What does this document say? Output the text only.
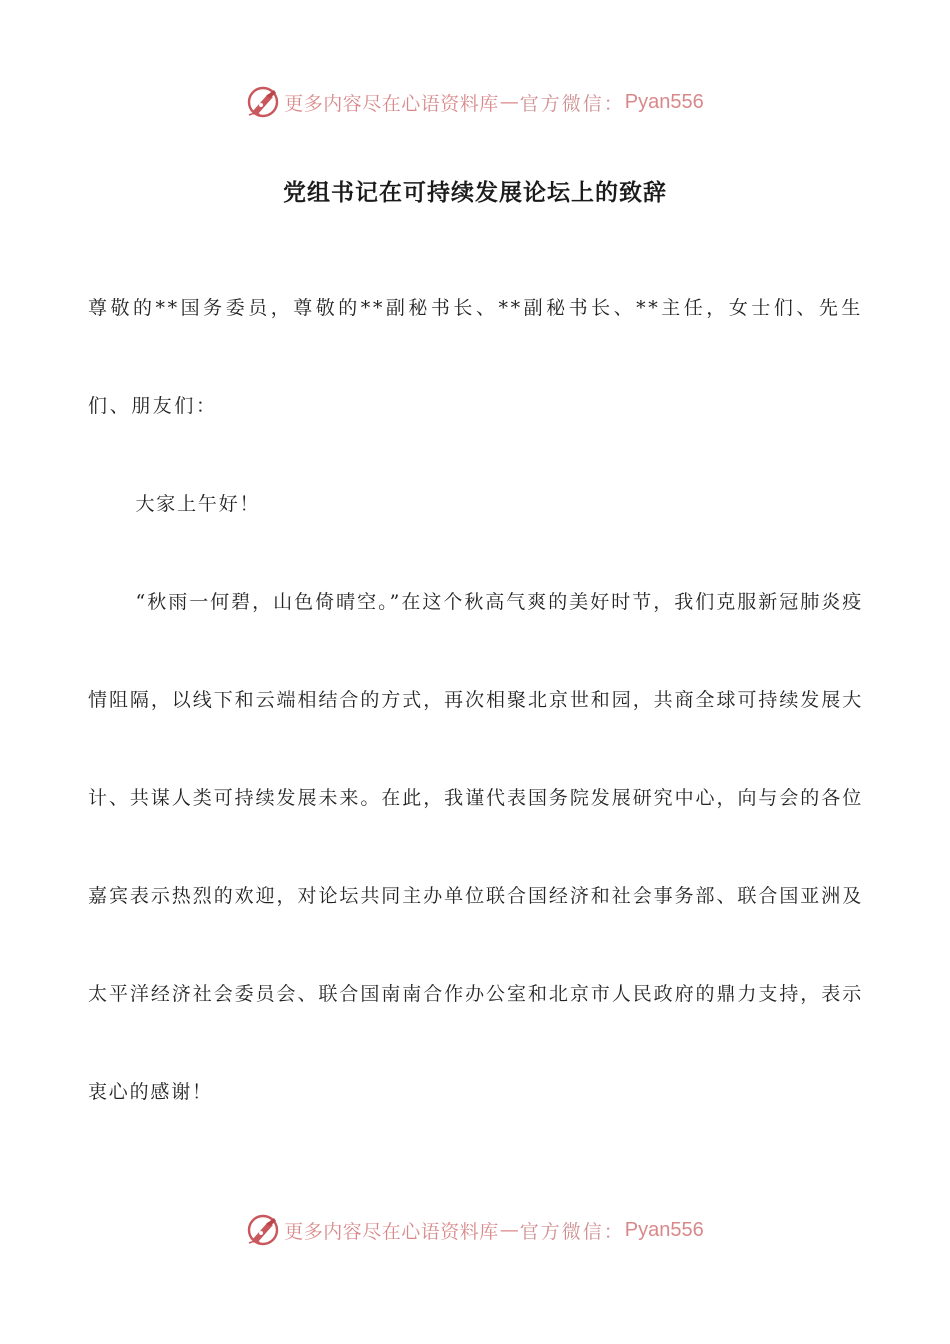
更多内容尽在心语资料库 — 官方微信： Pyan556
党组书记在可持续发展论坛上的致辞

尊敬的**国务委员，尊敬的**副秘书长、**副秘书长、**主任，女士们、先生们、朋友们：

大家上午好！

“秋雨一何碧，山色倚晴空。”在这个秋高气爽的美好时节，我们克服新冠肺炎疫情阻隔，以线下和云端相结合的方式，再次相聚北京世和园，共商全球可持续发展大计、共谋人类可持续发展未来。在此，我谨代表国务院发展研究中心，向与会的各位嘉宾表示热烈的欢迎，对论坛共同主办单位联合国经济和社会事务部、联合国亚洲及太平洋经济社会委员会、联合国南南合作办公室和北京市人民政府的鼎力支持，表示衷心的感谢！

更多内容尽在心语资料库 — 官方微信： Pyan556
